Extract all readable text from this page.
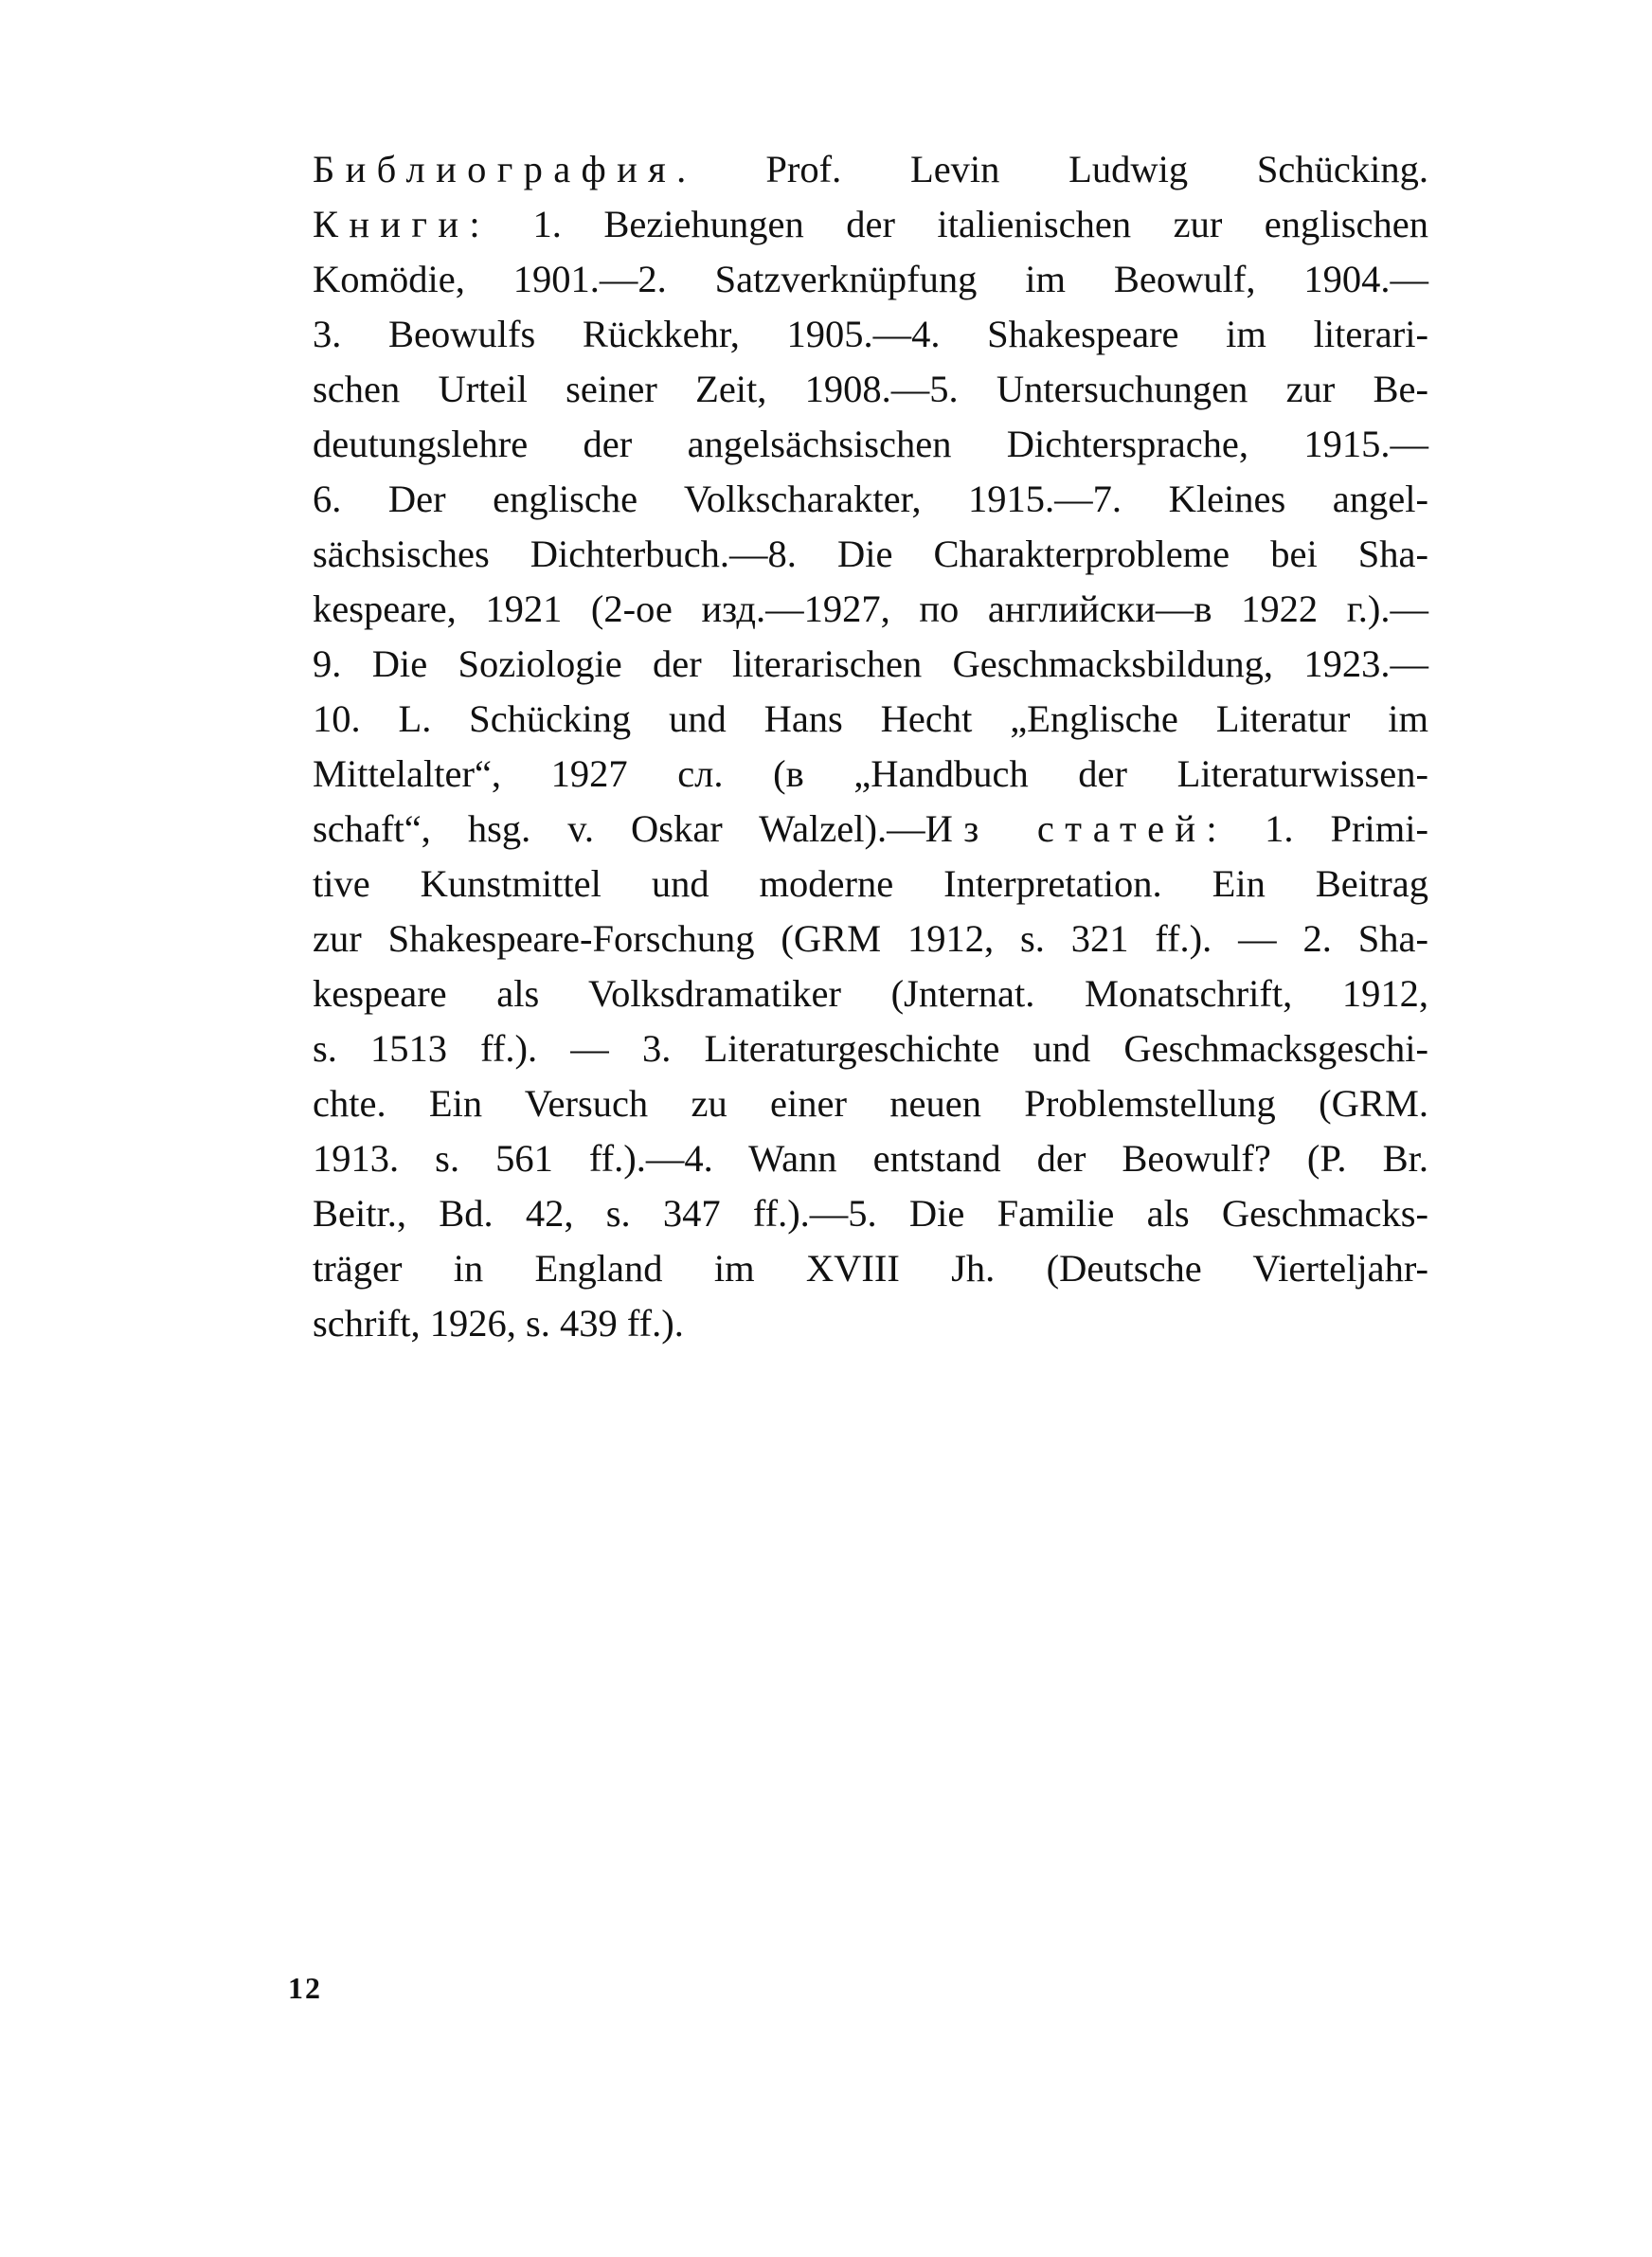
Библиография. Prof. Levin Ludwig Schücking.
Книги: 1. Beziehungen der italienischen zur englischen
Komödie, 1901.—2. Satzverknüpfung im Beowulf, 1904.—
3. Beowulfs Rückkehr, 1905.—4. Shakespeare im literari-
schen Urteil seiner Zeit, 1908.—5. Untersuchungen zur Be-
deutungslehre der angelsächsischen Dichtersprache, 1915.—
6. Der englische Volkscharakter, 1915.—7. Kleines angel-
sächsisches Dichterbuch.—8. Die Charakterprobleme bei Sha-
kespeare, 1921 (2-ое изд.—1927, по английски—в 1922 г.).—
9. Die Soziologie der literarischen Geschmacksbildung, 1923.—
10. L. Schücking und Hans Hecht „Englische Literatur im
Mittelalter“, 1927 сл. (в „Handbuch der Literaturwissen-
schaft“, hsg. v. Oskar Walzel).—Из статей: 1. Primi-
tive Kunstmittel und moderne Interpretation. Ein Beitrag
zur Shakespeare-Forschung (GRM 1912, s. 321 ff.). — 2. Sha-
kespeare als Volksdramatiker (Jnternat. Monatschrift, 1912,
s. 1513 ff.). — 3. Literaturgeschichte und Geschmacksgeschi-
chte. Ein Versuch zu einer neuen Problemstellung (GRM.
1913. s. 561 ff.).—4. Wann entstand der Beowulf? (P. Br.
Beitr., Bd. 42, s. 347 ff.).—5. Die Familie als Geschmacks-
träger in England im XVIII Jh. (Deutsche Vierteljahr-
schrift, 1926, s. 439 ff.).
12
